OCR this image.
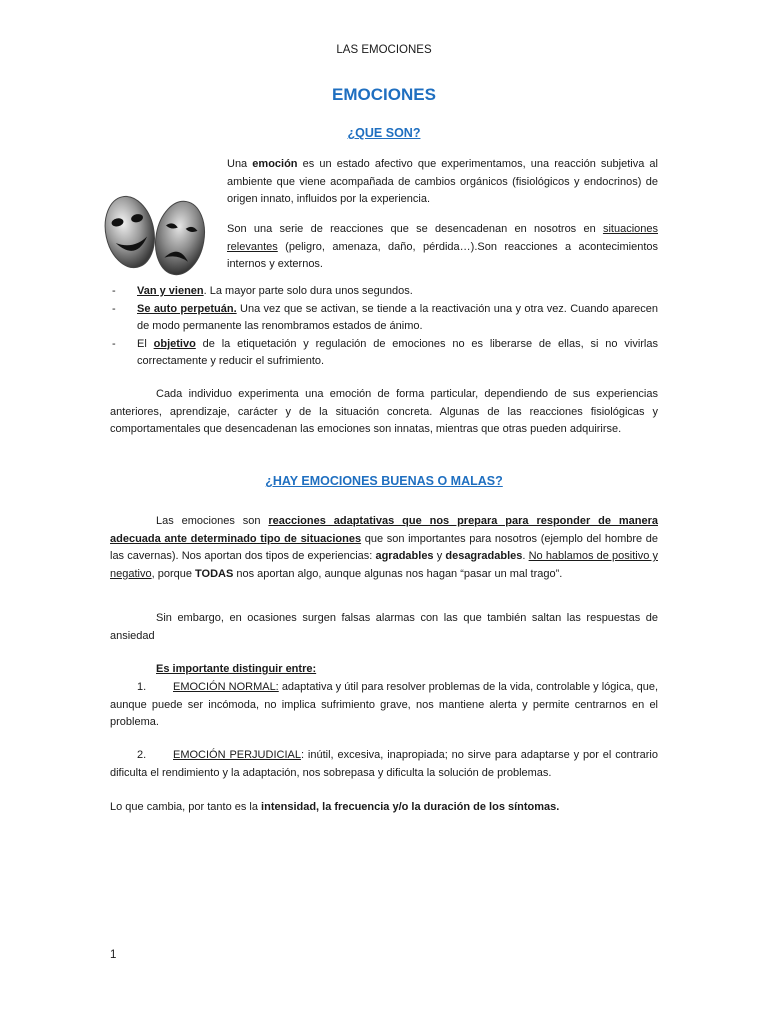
LAS EMOCIONES
EMOCIONES
¿QUE SON?
Una emoción es un estado afectivo que experimentamos, una reacción subjetiva al ambiente que viene acompañada de cambios orgánicos (fisiológicos y endocrinos) de origen innato, influidos por la experiencia.
Son una serie de reacciones que se desencadenan en nosotros en situaciones relevantes (peligro, amenaza, daño, pérdida…).Son reacciones a acontecimientos internos y externos.
- Van y vienen. La mayor parte solo dura unos segundos.
- Se auto perpetuán. Una vez que se activan, se tiende a la reactivación una y otra vez. Cuando aparecen de modo permanente las renombramos estados de ánimo.
- El objetivo de la etiquetación y regulación de emociones no es liberarse de ellas, si no vivirlas correctamente y reducir el sufrimiento.
Cada individuo experimenta una emoción de forma particular, dependiendo de sus experiencias anteriores, aprendizaje, carácter y de la situación concreta. Algunas de las reacciones fisiológicas y comportamentales que desencadenan las emociones son innatas, mientras que otras pueden adquirirse.
¿HAY EMOCIONES BUENAS O MALAS?
Las emociones son reacciones adaptativas que nos prepara para responder de manera adecuada ante determinado tipo de situaciones que son importantes para nosotros (ejemplo del hombre de las cavernas). Nos aportan dos tipos de experiencias: agradables y desagradables. No hablamos de positivo y negativo, porque TODAS nos aportan algo, aunque algunas nos hagan “pasar un mal trago”.
Sin embargo, en ocasiones surgen falsas alarmas con las que también saltan las respuestas de ansiedad
Es importante distinguir entre:
1. EMOCIÓN NORMAL: adaptativa y útil para resolver problemas de la vida, controlable y lógica, que, aunque puede ser incómoda, no implica sufrimiento grave, nos mantiene alerta y permite centrarnos en el problema.
2. EMOCIÓN PERJUDICIAL: inútil, excesiva, inapropiada; no sirve para adaptarse y por el contrario dificulta el rendimiento y la adaptación, nos sobrepasa y dificulta la solución de problemas.
Lo que cambia, por tanto es la intensidad, la frecuencia y/o la duración de los síntomas.
1
